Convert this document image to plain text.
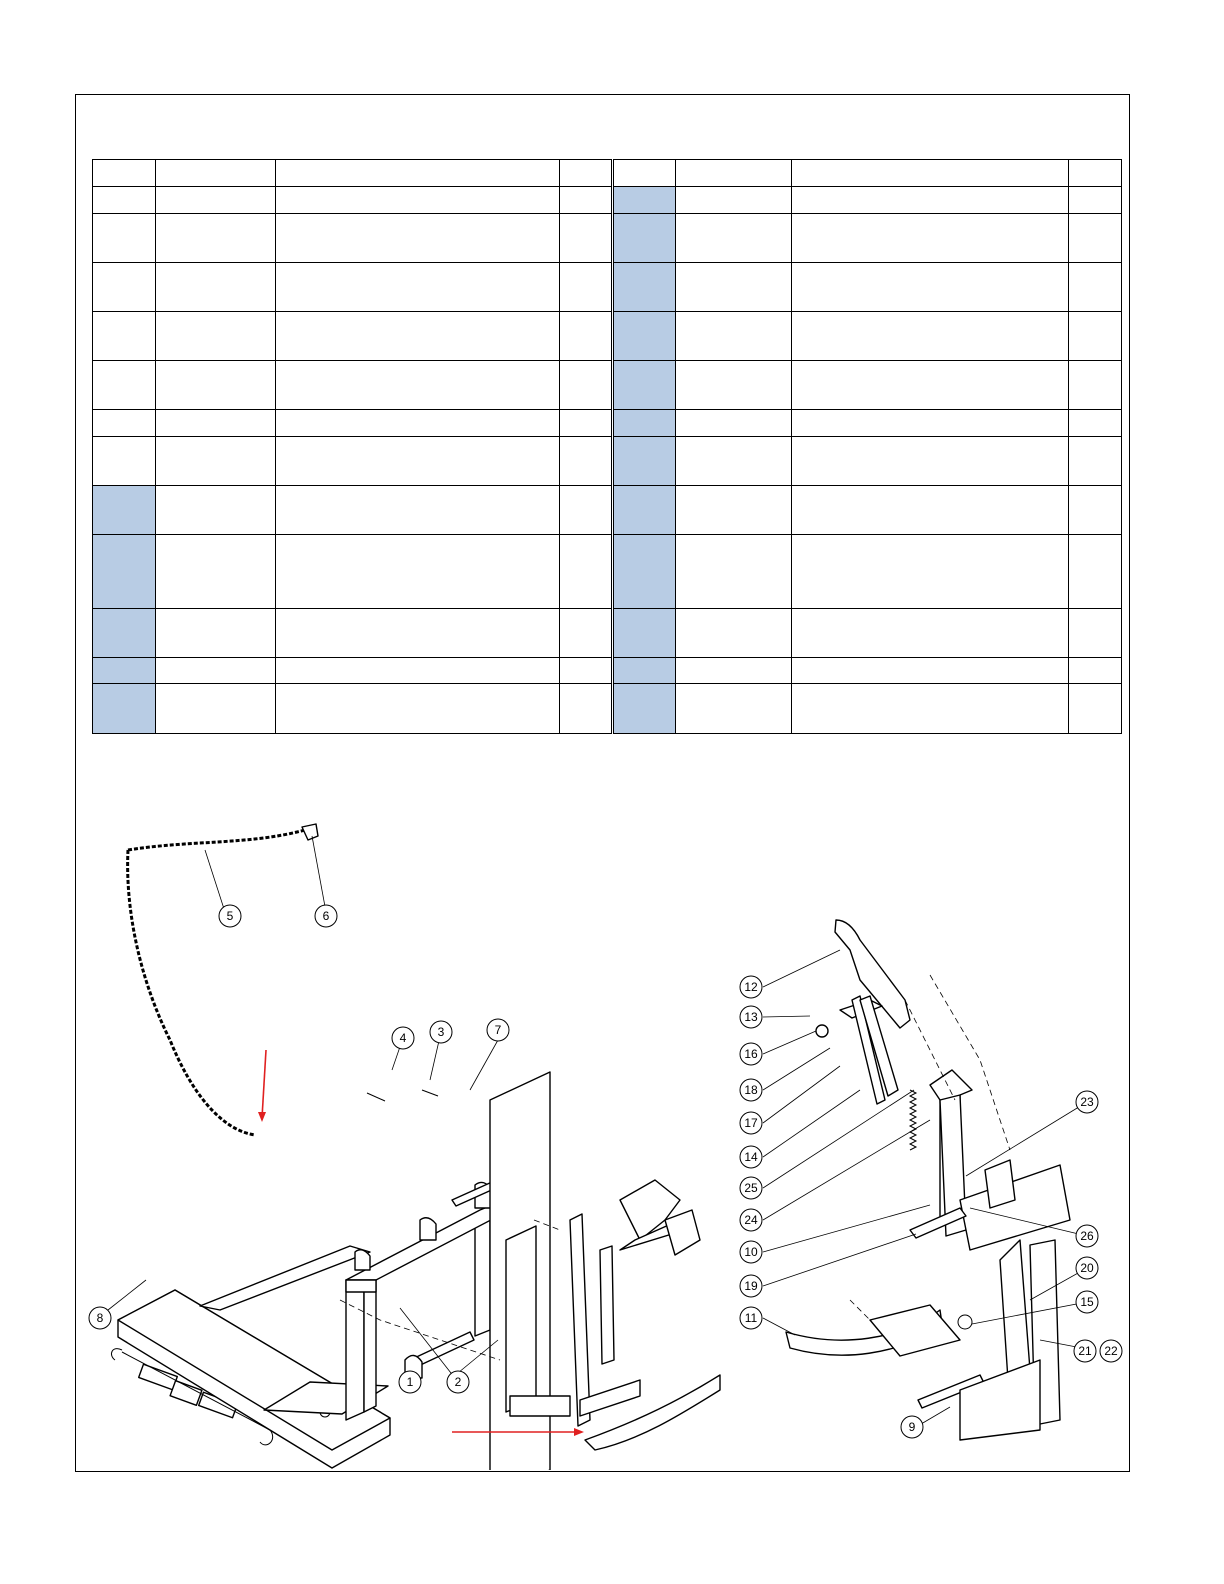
1	2
3
4
5	6
7
8
9
10
11
12
13
14
15
16
17
18
19
20
21 22
23
24
25
26
